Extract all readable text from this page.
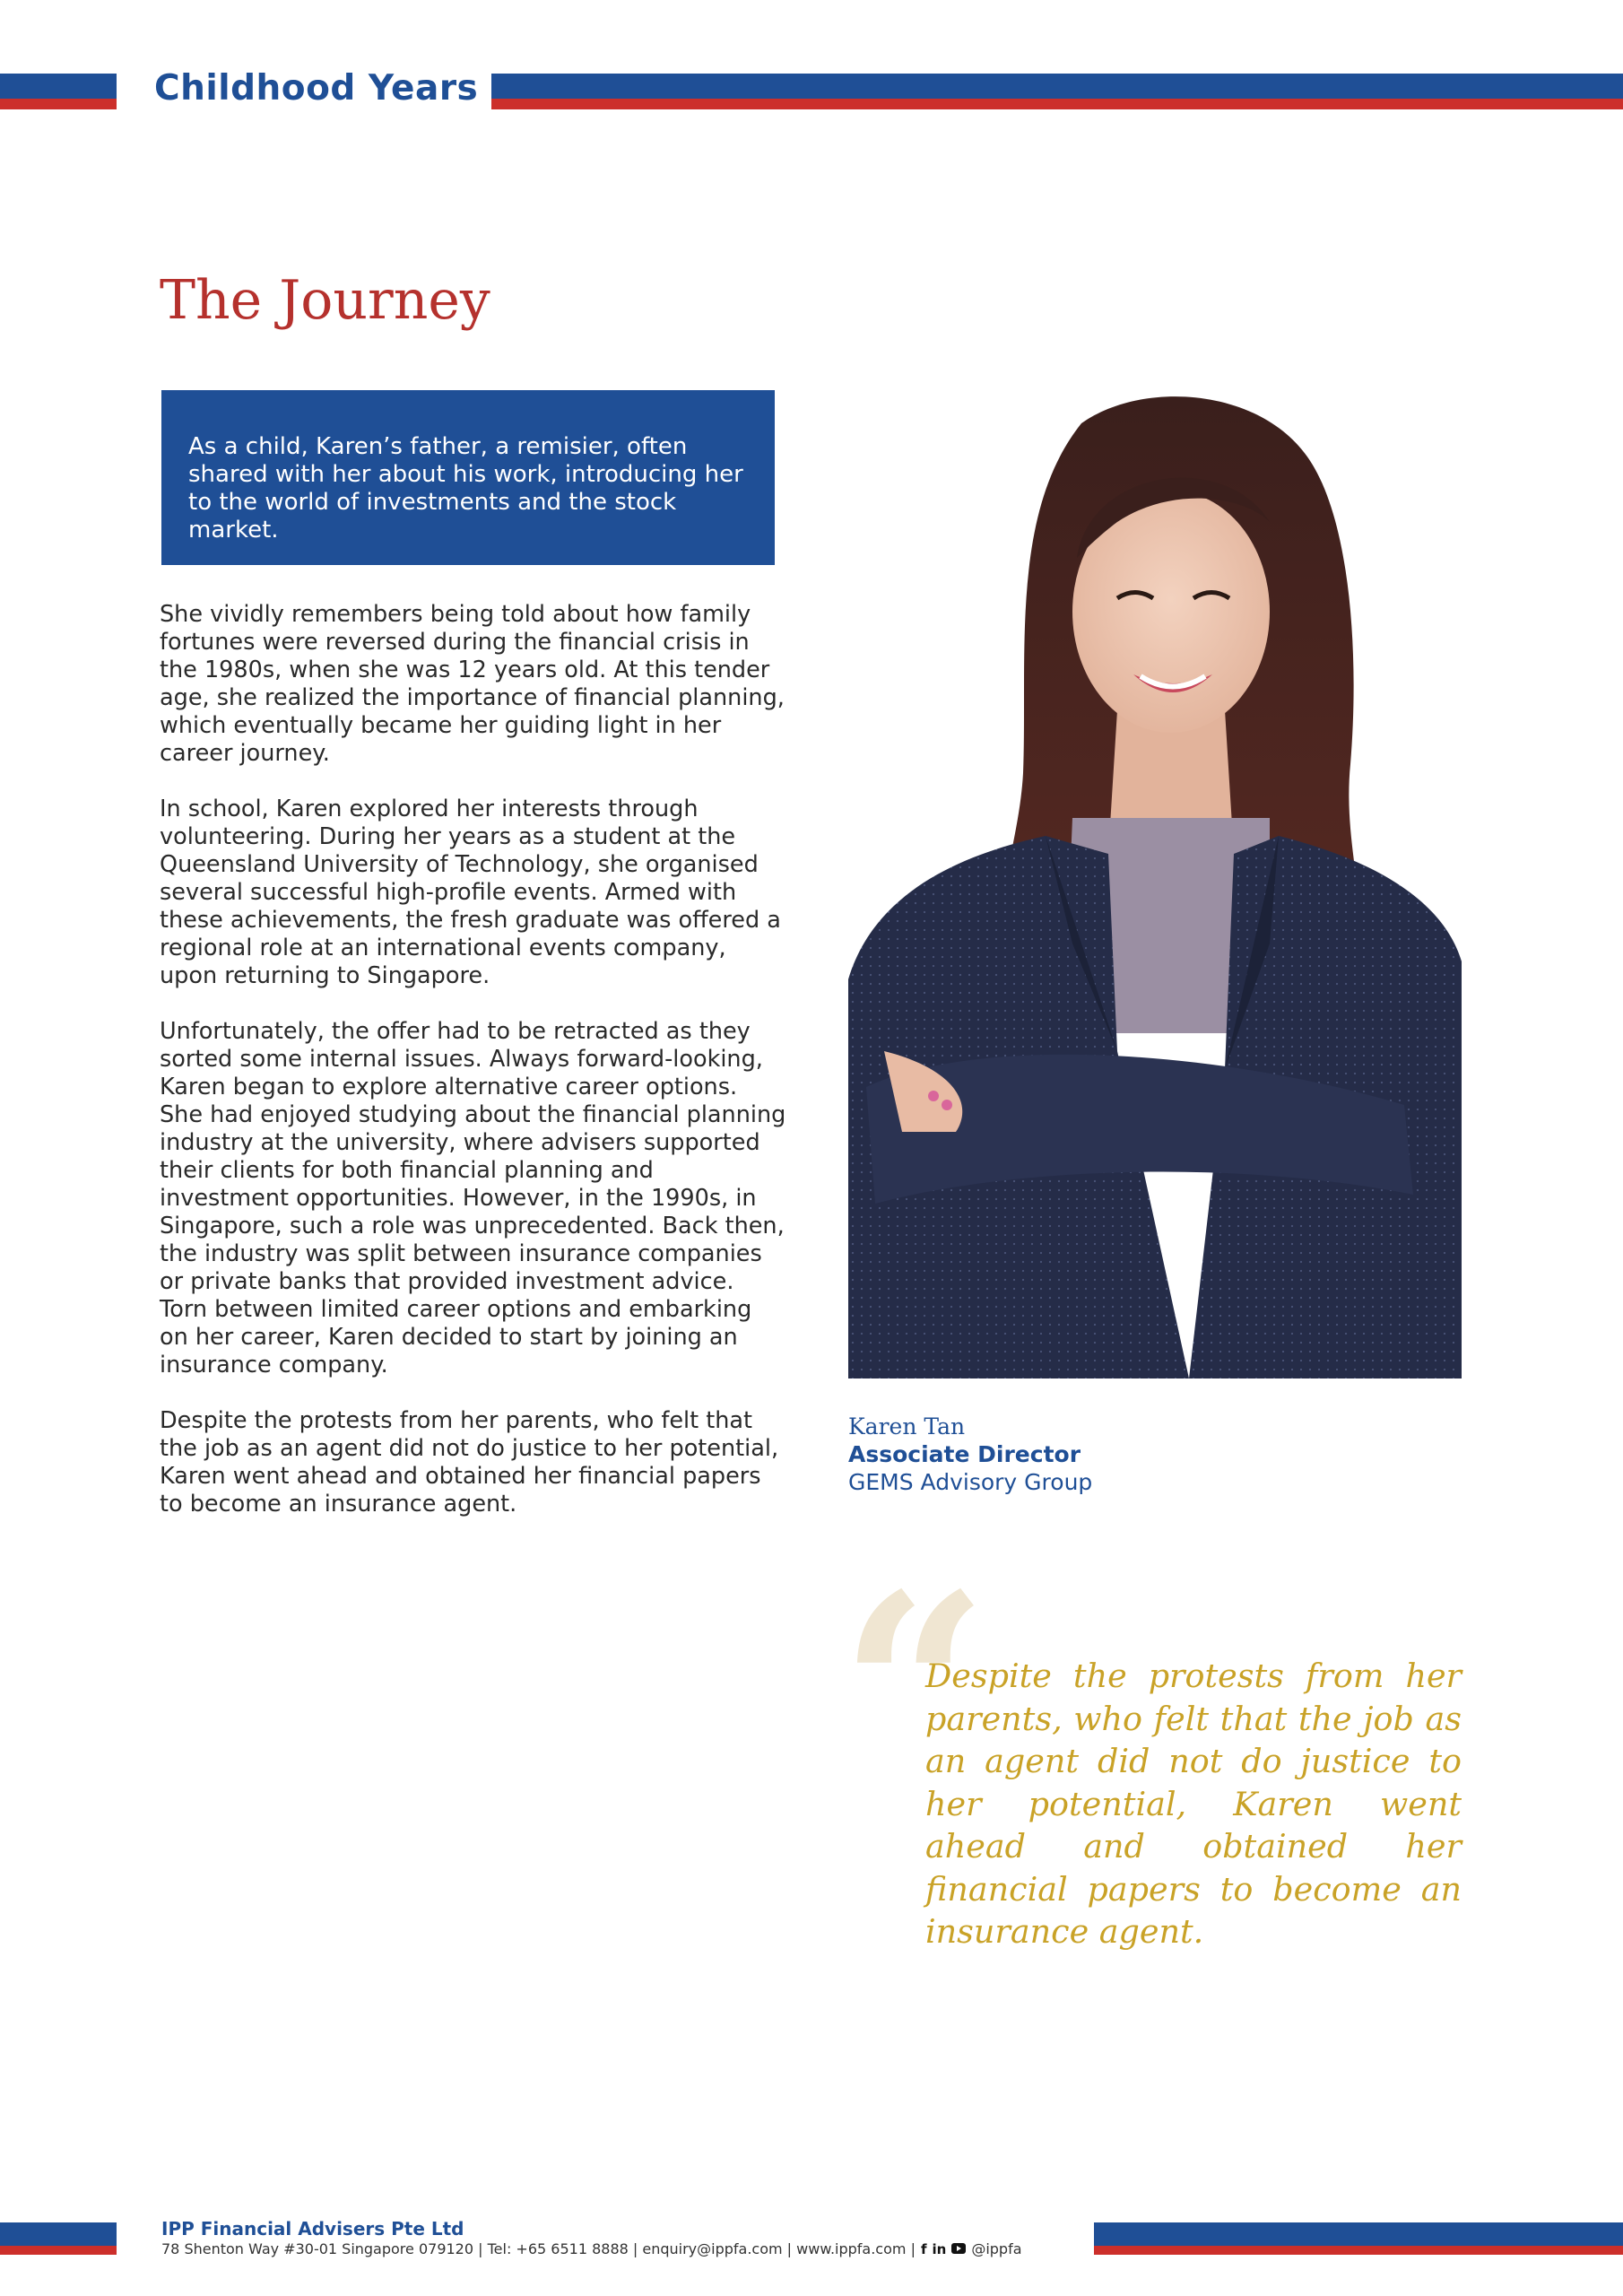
Childhood Years
The Journey

As a child, Karen’s father, a remisier, often shared with her about his work, introducing her to the world of investments and the stock market.

She vividly remembers being told about how family fortunes were reversed during the financial crisis in the 1980s, when she was 12 years old. At this tender age, she realized the importance of financial planning, which eventually became her guiding light in her career journey.

In school, Karen explored her interests through volunteering. During her years as a student at the Queensland University of Technology, she organised several successful high-profile events. Armed with these achievements, the fresh graduate was offered a regional role at an international events company, upon returning to Singapore.

Unfortunately, the offer had to be retracted as they sorted some internal issues. Always forward-looking, Karen began to explore alternative career options. She had enjoyed studying about the financial planning industry at the university, where advisers supported their clients for both financial planning and investment opportunities. However, in the 1990s, in Singapore, such a role was unprecedented. Back then, the industry was split between insurance companies or private banks that provided investment advice. Torn between limited career options and embarking on her career, Karen decided to start by joining an insurance company.

Despite the protests from her parents, who felt that the job as an agent did not do justice to her potential, Karen went ahead and obtained her financial papers to become an insurance agent.

Karen Tan
Associate Director
GEMS Advisory Group
“
Despite the protests from her parents, who felt that the job as an agent did not do justice to her potential, Karen went ahead and obtained her financial papers to become an insurance agent.
IPP Financial Advisers Pte Ltd
78 Shenton Way #30-01 Singapore 079120 | Tel: +65 6511 8888 | enquiry@ippfa.com | www.ippfa.com | f in @ippfa
